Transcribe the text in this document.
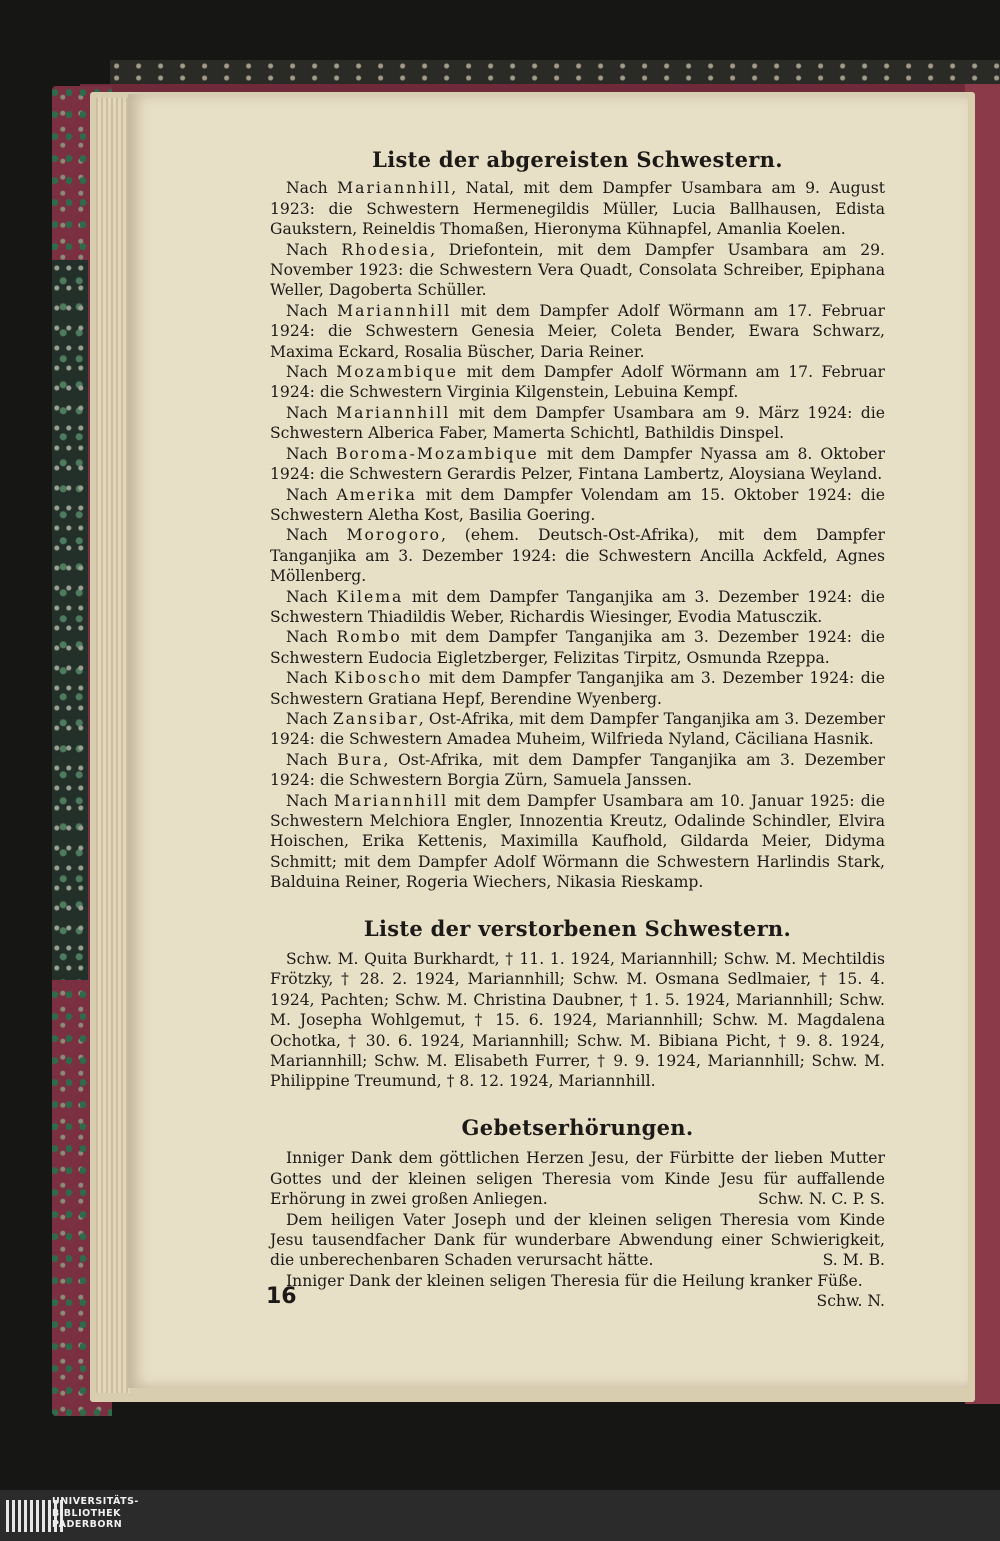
Liste der abgereisten Schwestern.

Nach Mariannhill, Natal, mit dem Dampfer Usambara am 9. August 1923: die Schwestern Hermenegildis Müller, Lucia Ballhausen, Edista Gaukstern, Reineldis Thomaßen, Hieronyma Kühnapfel, Amanlia Koelen.

Nach Rhodesia, Driefontein, mit dem Dampfer Usambara am 29. November 1923: die Schwestern Vera Quadt, Consolata Schreiber, Epiphana Weller, Dagoberta Schüller.

Nach Mariannhill mit dem Dampfer Adolf Wörmann am 17. Februar 1924: die Schwestern Genesia Meier, Coleta Bender, Ewara Schwarz, Maxima Eckard, Rosalia Büscher, Daria Reiner.

Nach Mozambique mit dem Dampfer Adolf Wörmann am 17. Februar 1924: die Schwestern Virginia Kilgenstein, Lebuina Kempf.

Nach Mariannhill mit dem Dampfer Usambara am 9. März 1924: die Schwestern Alberica Faber, Mamerta Schichtl, Bathildis Dinspel.

Nach Boroma-Mozambique mit dem Dampfer Nyassa am 8. Oktober 1924: die Schwestern Gerardis Pelzer, Fintana Lambertz, Aloysiana Weyland.

Nach Amerika mit dem Dampfer Volendam am 15. Oktober 1924: die Schwestern Aletha Kost, Basilia Goering.

Nach Morogoro, (ehem. Deutsch-Ost-Afrika), mit dem Dampfer Tanganjika am 3. Dezember 1924: die Schwestern Ancilla Ackfeld, Agnes Möllenberg.

Nach Kilema mit dem Dampfer Tanganjika am 3. Dezember 1924: die Schwestern Thiadildis Weber, Richardis Wiesinger, Evodia Matusczik.

Nach Rombo mit dem Dampfer Tanganjika am 3. Dezember 1924: die Schwestern Eudocia Eigletzberger, Felizitas Tirpitz, Osmunda Rzeppa.

Nach Kiboscho mit dem Dampfer Tanganjika am 3. Dezember 1924: die Schwestern Gratiana Hepf, Berendine Wyenberg.

Nach Zansibar, Ost-Afrika, mit dem Dampfer Tanganjika am 3. Dezember 1924: die Schwestern Amadea Muheim, Wilfrieda Nyland, Cäciliana Hasnik.

Nach Bura, Ost-Afrika, mit dem Dampfer Tanganjika am 3. Dezember 1924: die Schwestern Borgia Zürn, Samuela Janssen.

Nach Mariannhill mit dem Dampfer Usambara am 10. Januar 1925: die Schwestern Melchiora Engler, Innozentia Kreutz, Odalinde Schindler, Elvira Hoischen, Erika Kettenis, Maximilla Kaufhold, Gildarda Meier, Didyma Schmitt; mit dem Dampfer Adolf Wörmann die Schwestern Harlindis Stark, Balduina Reiner, Rogeria Wiechers, Nikasia Rieskamp.

Liste der verstorbenen Schwestern.

Schw. M. Quita Burkhardt, † 11. 1. 1924, Mariannhill; Schw. M. Mechtildis Frötzky, † 28. 2. 1924, Mariannhill; Schw. M. Osmana Sedlmaier, † 15. 4. 1924, Pachten; Schw. M. Christina Daubner, † 1. 5. 1924, Mariannhill; Schw. M. Josepha Wohlgemut, † 15. 6. 1924, Mariannhill; Schw. M. Magdalena Ochotka, † 30. 6. 1924, Mariannhill; Schw. M. Bibiana Picht, † 9. 8. 1924, Mariannhill; Schw. M. Elisabeth Furrer, † 9. 9. 1924, Mariannhill; Schw. M. Philippine Treumund, † 8. 12. 1924, Mariannhill.

Gebetserhörungen.

Inniger Dank dem göttlichen Herzen Jesu, der Fürbitte der lieben Mutter Gottes und der kleinen seligen Theresia vom Kinde Jesu für auffallende Erhörung in zwei großen Anliegen.	Schw. N. C. P. S.

Dem heiligen Vater Joseph und der kleinen seligen Theresia vom Kinde Jesu tausendfacher Dank für wunderbare Abwendung einer Schwierigkeit, die unberechenbaren Schaden verursacht hätte.	S. M. B.

Inniger Dank der kleinen seligen Theresia für die Heilung kranker Füße.
Schw. N.

16
UNIVERSITÄTS-
BIBLIOTHEK
PADERBORN
